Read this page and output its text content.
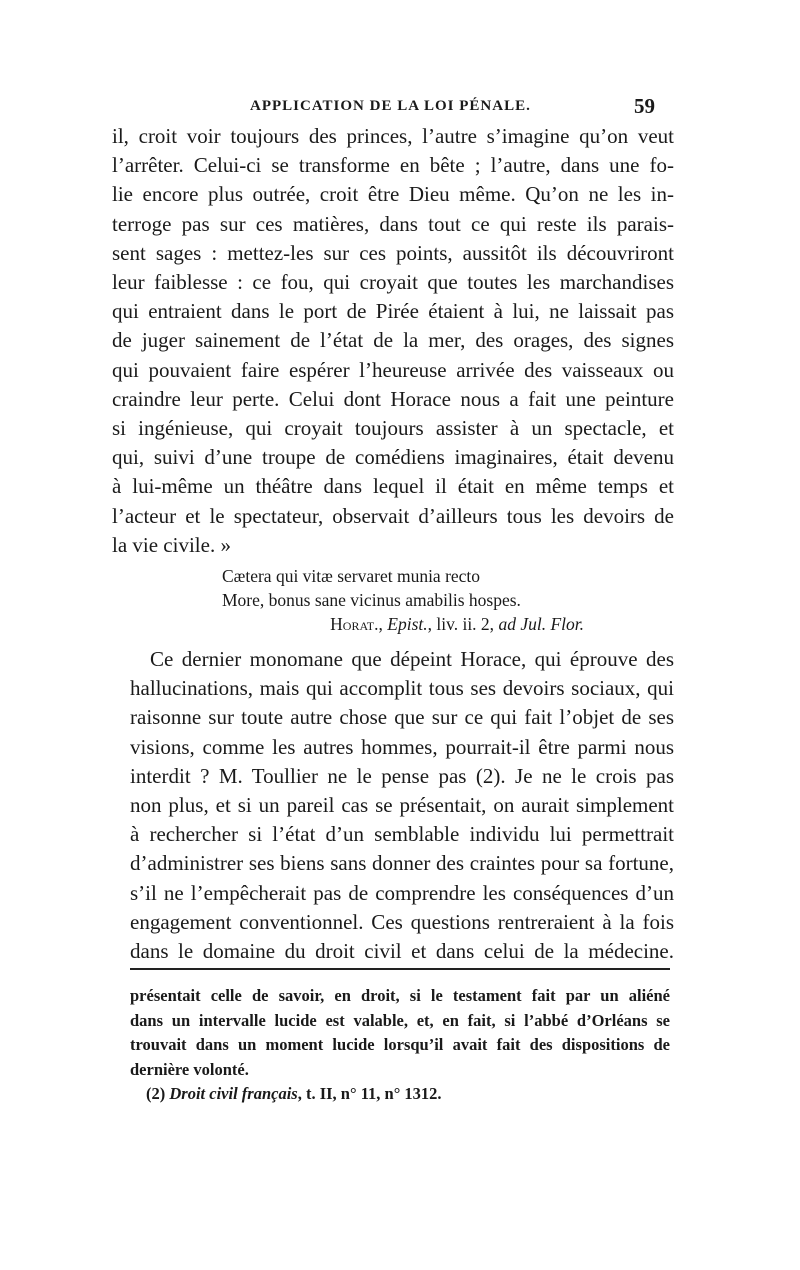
APPLICATION DE LA LOI PÉNALE.	59
il, croit voir toujours des princes, l’autre s’imagine qu’on veut
l’arrêter. Celui-ci se transforme en bête ; l’autre, dans une fo-
lie encore plus outrée, croit être Dieu même. Qu’on ne les in-
terroge pas sur ces matières, dans tout ce qui reste ils parais-
sent sages : mettez-les sur ces points, aussitôt ils découvriront
leur faiblesse : ce fou, qui croyait que toutes les marchandises
qui entraient dans le port de Pirée étaient à lui, ne laissait pas
de juger sainement de l’état de la mer, des orages, des signes
qui pouvaient faire espérer l’heureuse arrivée des vaisseaux ou
craindre leur perte. Celui dont Horace nous a fait une peinture
si ingénieuse, qui croyait toujours assister à un spectacle, et
qui, suivi d’une troupe de comédiens imaginaires, était devenu
à lui-même un théâtre dans lequel il était en même temps et
l’acteur et le spectateur, observait d’ailleurs tous les devoirs de
la vie civile. »
Cætera qui vitæ servaret munia recto
More, bonus sane vicinus amabilis hospes.
Horat., Epist., liv. ii. 2, ad Jul. Flor.
Ce dernier monomane que dépeint Horace, qui éprouve des
hallucinations, mais qui accomplit tous ses devoirs sociaux, qui
raisonne sur toute autre chose que sur ce qui fait l’objet de ses
visions, comme les autres hommes, pourrait-il être parmi nous
interdit ? M. Toullier ne le pense pas (2). Je ne le crois pas
non plus, et si un pareil cas se présentait, on aurait simplement
à rechercher si l’état d’un semblable individu lui permettrait
d’administrer ses biens sans donner des craintes pour sa fortune,
s’il ne l’empêcherait pas de comprendre les conséquences d’un
engagement conventionnel. Ces questions rentreraient à la fois
dans le domaine du droit civil et dans celui de la médecine.
présentait celle de savoir, en droit, si le testament fait par un aliéné
dans un intervalle lucide est valable, et, en fait, si l’abbé d’Orléans se
trouvait dans un moment lucide lorsqu’il avait fait des dispositions de
dernière volonté.
(2) Droit civil français, t. II, n° 11, n° 1312.
